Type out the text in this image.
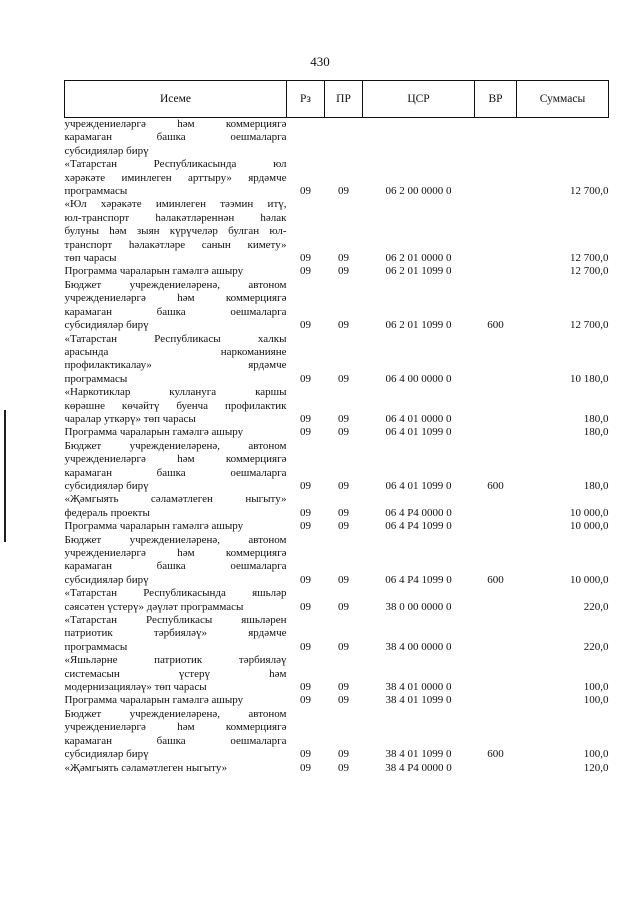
430
Исеме	Рз	ПР	ЦСР	ВР	Суммасы

учреждениеләргә һәм коммерциягә
карамаган башка оешмаларга
субсидияләр бирү					

«Татарстан Республикасында юл
хәрәкәте иминлеген арттыру» ярдәмче
программасы	09	09	06 2 00 0000 0		12 700,0

«Юл хәрәкәте иминлеген тәэмин итү,
юл-транспорт һәлакәтләреннән һәлак
булуны һәм зыян күрүчеләр булган юл-
транспорт һәлакәтләре санын кимету»
төп чарасы	09	09	06 2 01 0000 0		12 700,0

Программа чараларын гамәлгә ашыру	09	09	06 2 01 1099 0		12 700,0

Бюджет учреждениеләренә, автоном
учреждениеләргә һәм коммерциягә
карамаган башка оешмаларга
субсидияләр бирү	09	09	06 2 01 1099 0	600	12 700,0

«Татарстан Республикасы халкы
арасында наркоманияне
профилактикалау» ярдәмче
программасы	09	09	06 4 00 0000 0		10 180,0

«Наркотиклар куллануга каршы
көрәшне көчәйтү буенча профилактик
чаралар уткәрү» төп чарасы	09	09	06 4 01 0000 0		180,0

Программа чараларын гамәлгә ашыру	09	09	06 4 01 1099 0		180,0

Бюджет учреждениеләренә, автоном
учреждениеләргә һәм коммерциягә
карамаган башка оешмаларга
субсидияләр бирү	09	09	06 4 01 1099 0	600	180,0

«Җәмгыять сәламәтлеген ныгыту»
федераль проекты	09	09	06 4 P4 0000 0		10 000,0

Программа чараларын гамәлгә ашыру	09	09	06 4 P4 1099 0		10 000,0

Бюджет учреждениеләренә, автоном
учреждениеләргә һәм коммерциягә
карамаган башка оешмаларга
субсидияләр бирү	09	09	06 4 P4 1099 0	600	10 000,0

«Татарстан Республикасында яшьләр
сәясәтен үстерү» дәүләт программасы	09	09	38 0 00 0000 0		220,0

«Татарстан Республикасы яшьләрен
патриотик тәрбияләү» ярдәмче
программасы	09	09	38 4 00 0000 0		220,0

«Яшьләрне патриотик тәрбияләү
системасын үстерү һәм
модернизацияләү» төп чарасы	09	09	38 4 01 0000 0		100,0

Программа чараларын гамәлгә ашыру	09	09	38 4 01 1099 0		100,0

Бюджет учреждениеләренә, автоном
учреждениеләргә һәм коммерциягә
карамаган башка оешмаларга
субсидияләр бирү	09	09	38 4 01 1099 0	600	100,0

«Җәмгыять сәламәтлеген ныгыту»	09	09	38 4 P4 0000 0		120,0
